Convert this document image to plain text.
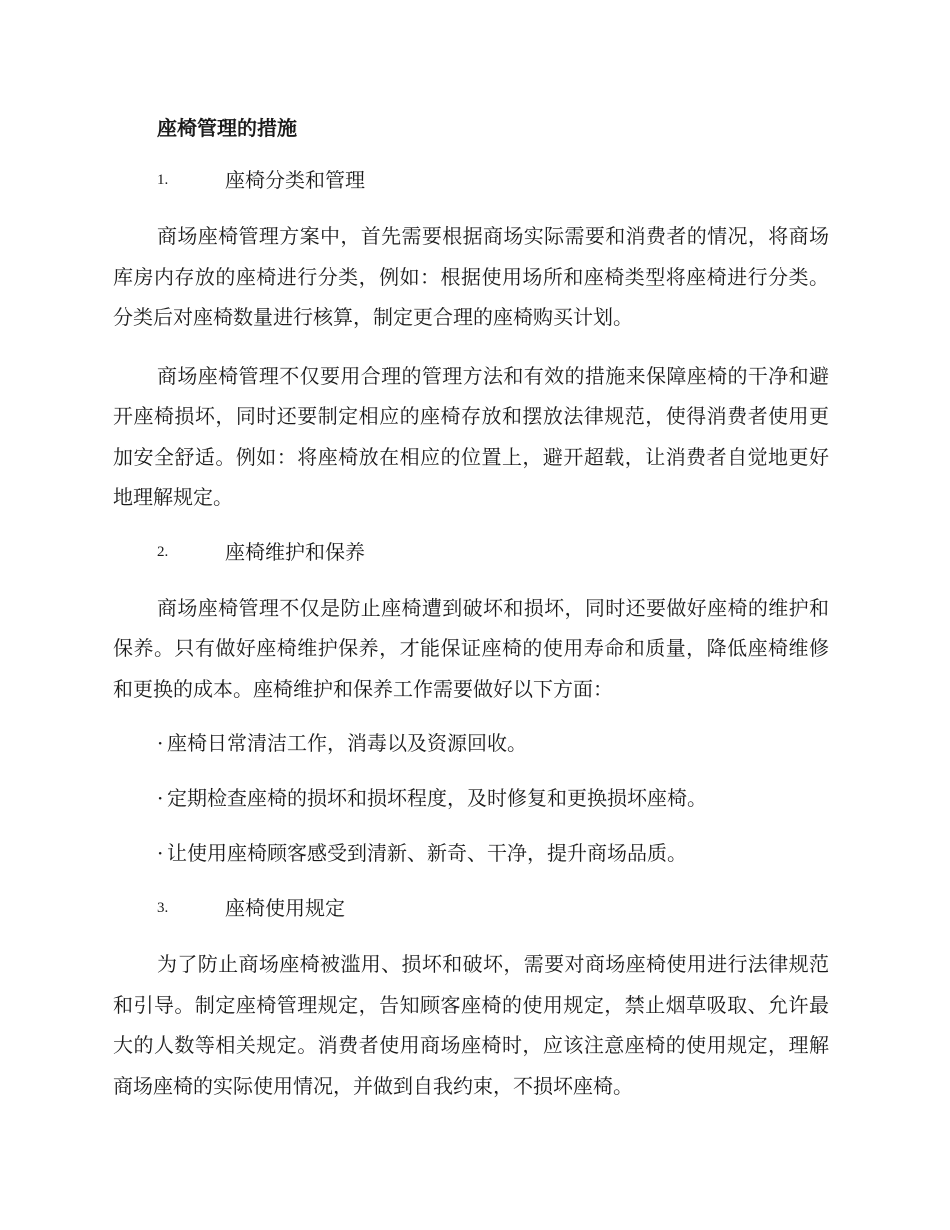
座椅管理的措施
1.	座椅分类和管理

商场座椅管理方案中，首先需要根据商场实际需要和消费者的情况，将商场库房内存放的座椅进行分类，例如：根据使用场所和座椅类型将座椅进行分类。分类后对座椅数量进行核算，制定更合理的座椅购买计划。

商场座椅管理不仅要用合理的管理方法和有效的措施来保障座椅的干净和避开座椅损坏，同时还要制定相应的座椅存放和摆放法律规范，使得消费者使用更加安全舒适。例如：将座椅放在相应的位置上，避开超载，让消费者自觉地更好地理解规定。

2.	座椅维护和保养

商场座椅管理不仅是防止座椅遭到破坏和损坏，同时还要做好座椅的维护和保养。只有做好座椅维护保养，才能保证座椅的使用寿命和质量，降低座椅维修和更换的成本。座椅维护和保养工作需要做好以下方面：

· 座椅日常清洁工作，消毒以及资源回收。
· 定期检查座椅的损坏和损坏程度，及时修复和更换损坏座椅。
· 让使用座椅顾客感受到清新、新奇、干净，提升商场品质。
3.	座椅使用规定

为了防止商场座椅被滥用、损坏和破坏，需要对商场座椅使用进行法律规范和引导。制定座椅管理规定，告知顾客座椅的使用规定，禁止烟草吸取、允许最大的人数等相关规定。消费者使用商场座椅时，应该注意座椅的使用规定，理解商场座椅的实际使用情况，并做到自我约束，不损坏座椅。
